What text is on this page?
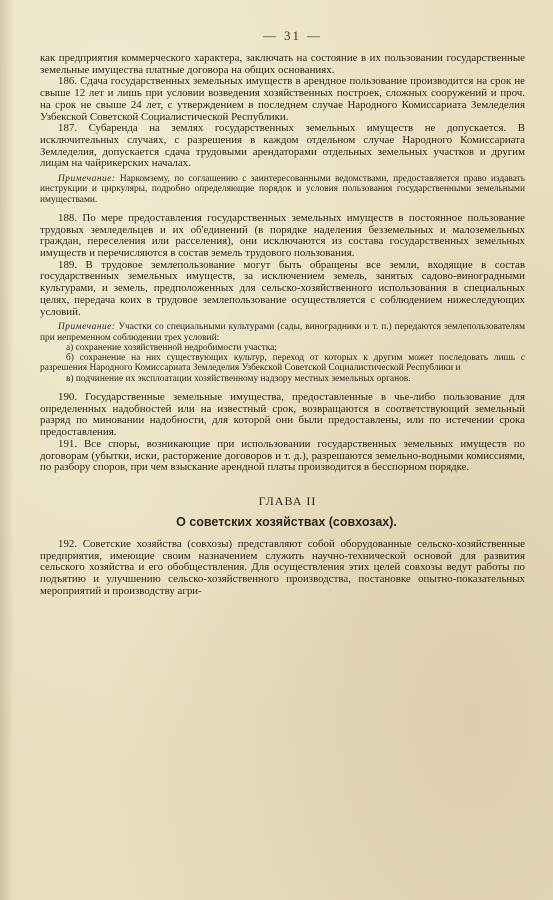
— 31 —

как предприятия коммерческого характера, заключать на состояние в их пользовании государственные земельные имущества платные договора на общих основаниях.

186. Сдача государственных земельных имуществ в арендное пользование производится на срок не свыше 12 лет и лишь при условии возведения хозяйственных построек, сложных сооружений и проч. на срок не свыше 24 лет, с утверждением в последнем случае Народного Комиссариата Земледелия Узбекской Советской Социалистической Республики.

187. Субаренда на землях государственных земельных имуществ не допускается. В исключительных случаях, с разрешения в каждом отдельном случае Народного Комиссариата Земледелия, допускается сдача трудовыми арендаторами отдельных земельных участков и другим лицам на чайрикерских началах.

Примечание: Наркомзему, по соглашению с заинтересованными ведомствами, предоставляется право издавать инструкции и циркуляры, подробно определяющие порядок и условия пользования государственными земельными имуществами.

188. По мере предоставления государственных земельных имуществ в постоянное пользование трудовых земледельцев и их об'единений (в порядке наделения безземельных и малоземельных граждан, переселения или расселения), они исключаются из состава государственных земельных имуществ и перечисляются в состав земель трудового пользования.

189. В трудовое землепользование могут быть обращены все земли, входящие в состав государственных земельных имуществ, за исключением земель, занятых садово-виноградными культурами, и земель, предположенных для сельско-хозяйственного использования в специальных целях, передача коих в трудовое землепользование осуществляется с соблюдением нижеследующих условий.

Примечание: Участки со специальными культурами (сады, виноградники и т. п.) передаются землепользователям при непременном соблюдении трех условий:

а) сохранение хозяйственной недробимости участка;

б) сохранение на них существующих культур, переход от которых к другим может последовать лишь с разрешения Народного Комиссариата Земледелия Узбекской Советской Социалистической Республики и

в) подчинение их эксплоатации хозяйственному надзору местных земельных органов.

190. Государственные земельные имущества, предоставленные в чье-либо пользование для определенных надобностей или на известный срок, возвращаются в соответствующий земельный разряд по миновании надобности, для которой они были предоставлены, или по истечении срока предоставления.

191. Все споры, возникающие при использовании государственных земельных имуществ по договорам (убытки, иски, расторжение договоров и т. д.), разрешаются земельно-водными комиссиями, по разбору споров, при чем взыскание арендной платы производится в бесспорном порядке.

ГЛАВА II
О советских хозяйствах (совхозах).

192. Советские хозяйства (совхозы) представляют собой оборудованные сельско-хозяйственные предприятия, имеющие своим назначением служить научно-технической основой для развития сельского хозяйства и его обобществления. Для осуществления этих целей совхозы ведут работы по подъятию и улучшению сельско-хозяйственного производства, постановке опытно-показательных мероприятий и производству агри-
